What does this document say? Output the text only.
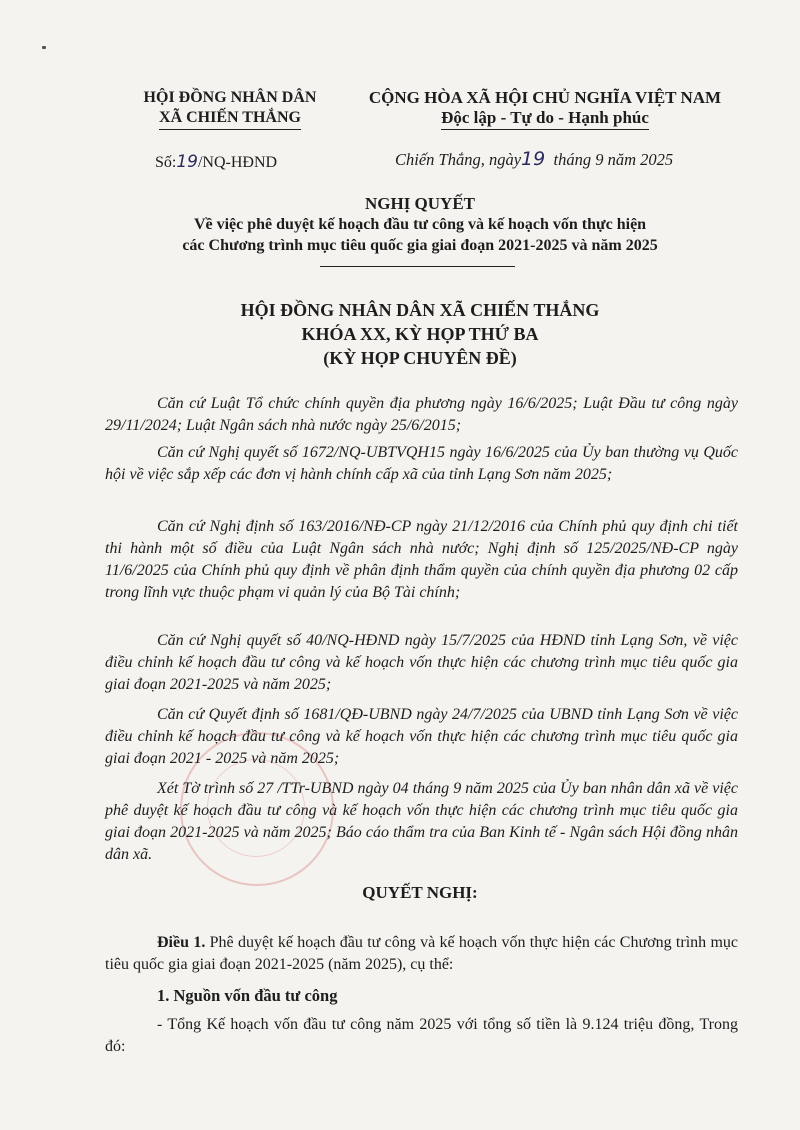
HỘI ĐỒNG NHÂN DÂN
XÃ CHIẾN THẮNG
CỘNG HÒA XÃ HỘI CHỦ NGHĨA VIỆT NAM
Độc lập - Tự do - Hạnh phúc
Số:19/NQ-HĐND	Chiến Thắng, ngày19 tháng 9 năm 2025
NGHỊ QUYẾT
Về việc phê duyệt kế hoạch đầu tư công và kế hoạch vốn thực hiện
các Chương trình mục tiêu quốc gia giai đoạn 2021-2025 và năm 2025
HỘI ĐỒNG NHÂN DÂN XÃ CHIẾN THẮNG
KHÓA XX, KỲ HỌP THỨ BA
(KỲ HỌP CHUYÊN ĐỀ)
Căn cứ Luật Tổ chức chính quyền địa phương ngày 16/6/2025; Luật Đầu tư công ngày 29/11/2024; Luật Ngân sách nhà nước ngày 25/6/2015;
Căn cứ Nghị quyết số 1672/NQ-UBTVQH15 ngày 16/6/2025 của Ủy ban thường vụ Quốc hội về việc sắp xếp các đơn vị hành chính cấp xã của tỉnh Lạng Sơn năm 2025;
Căn cứ Nghị định số 163/2016/NĐ-CP ngày 21/12/2016 của Chính phủ quy định chi tiết thi hành một số điều của Luật Ngân sách nhà nước; Nghị định số 125/2025/NĐ-CP ngày 11/6/2025 của Chính phủ quy định về phân định thẩm quyền của chính quyền địa phương 02 cấp trong lĩnh vực thuộc phạm vi quản lý của Bộ Tài chính;
Căn cứ Nghị quyết số 40/NQ-HĐND ngày 15/7/2025 của HĐND tỉnh Lạng Sơn, về việc điều chỉnh kế hoạch đầu tư công và kế hoạch vốn thực hiện các chương trình mục tiêu quốc gia giai đoạn 2021-2025 và năm 2025;
Căn cứ Quyết định số 1681/QĐ-UBND ngày 24/7/2025 của UBND tỉnh Lạng Sơn về việc điều chỉnh kế hoạch đầu tư công và kế hoạch vốn thực hiện các chương trình mục tiêu quốc gia giai đoạn 2021 - 2025 và năm 2025;
Xét Tờ trình số 27 /TTr-UBND ngày 04 tháng 9 năm 2025 của Ủy ban nhân dân xã về việc phê duyệt kế hoạch đầu tư công và kế hoạch vốn thực hiện các chương trình mục tiêu quốc gia giai đoạn 2021-2025 và năm 2025; Báo cáo thẩm tra của Ban Kinh tế - Ngân sách Hội đồng nhân dân xã.
QUYẾT NGHỊ:
Điều 1. Phê duyệt kế hoạch đầu tư công và kế hoạch vốn thực hiện các Chương trình mục tiêu quốc gia giai đoạn 2021-2025 (năm 2025), cụ thể:
1. Nguồn vốn đầu tư công
- Tổng Kế hoạch vốn đầu tư công năm 2025 với tổng số tiền là 9.124 triệu đồng, Trong đó:
